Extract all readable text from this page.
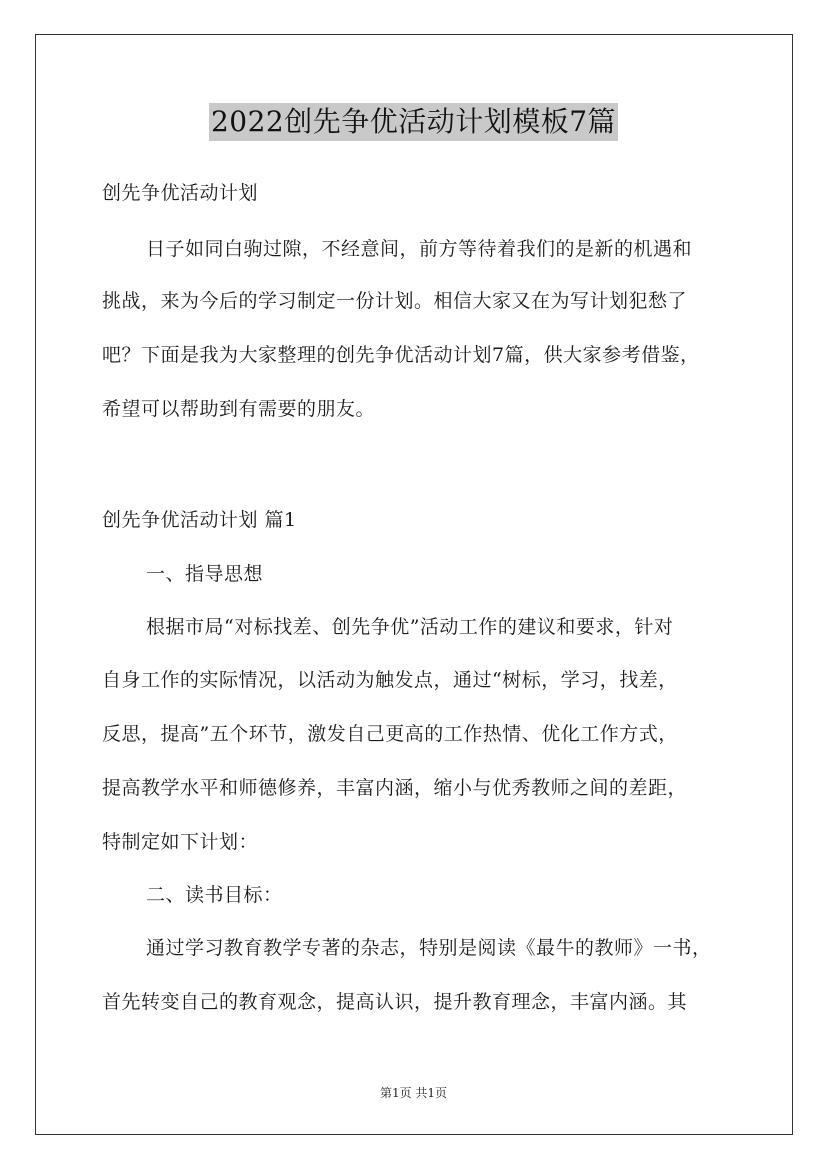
2022创先争优活动计划模板7篇
创先争优活动计划
日子如同白驹过隙，不经意间，前方等待着我们的是新的机遇和
挑战，来为今后的学习制定一份计划。相信大家又在为写计划犯愁了
吧？下面是我为大家整理的创先争优活动计划7篇，供大家参考借鉴，
希望可以帮助到有需要的朋友。
创先争优活动计划 篇1
一、指导思想
根据市局“对标找差、创先争优”活动工作的建议和要求，针对
自身工作的实际情况，以活动为触发点，通过“树标，学习，找差，
反思，提高”五个环节，激发自己更高的工作热情、优化工作方式，
提高教学水平和师德修养，丰富内涵，缩小与优秀教师之间的差距，
特制定如下计划：
二、读书目标：
通过学习教育教学专著的杂志，特别是阅读《最牛的教师》一书，
首先转变自己的教育观念，提高认识，提升教育理念，丰富内涵。其
第1页 共1页
